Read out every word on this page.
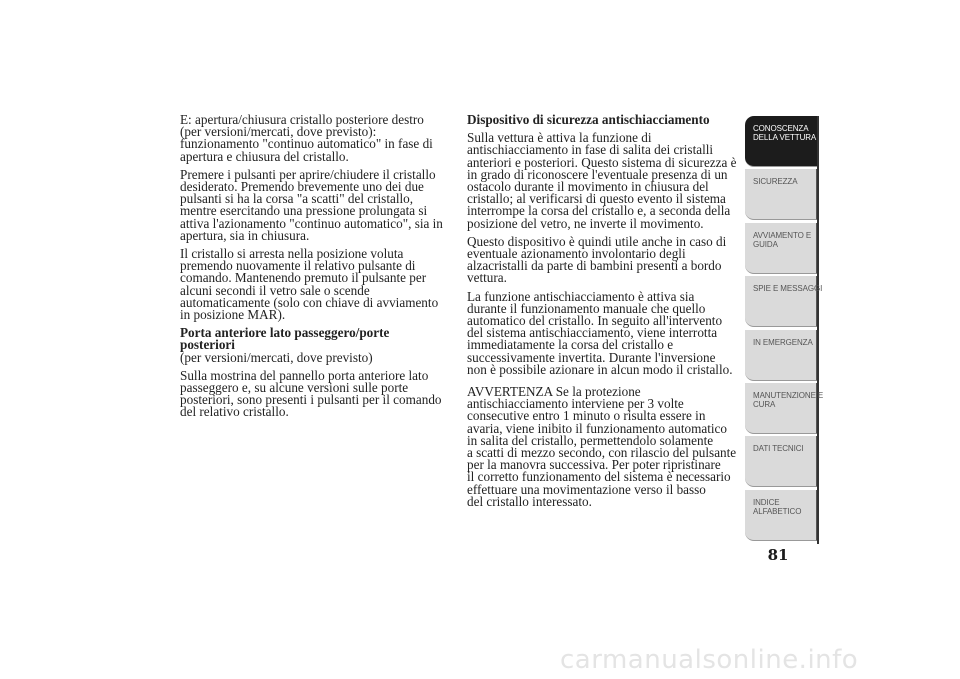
E: apertura/chiusura cristallo posteriore destro
(per versioni/mercati, dove previsto):
funzionamento "continuo automatico" in fase di
apertura e chiusura del cristallo.
Premere i pulsanti per aprire/chiudere il cristallo
desiderato. Premendo brevemente uno dei due
pulsanti si ha la corsa "a scatti" del cristallo,
mentre esercitando una pressione prolungata si
attiva l'azionamento "continuo automatico", sia in
apertura, sia in chiusura.
Il cristallo si arresta nella posizione voluta
premendo nuovamente il relativo pulsante di
comando. Mantenendo premuto il pulsante per
alcuni secondi il vetro sale o scende
automaticamente (solo con chiave di avviamento
in posizione MAR).
Porta anteriore lato passeggero/porte
posteriori
(per versioni/mercati, dove previsto)
Sulla mostrina del pannello porta anteriore lato
passeggero e, su alcune versioni sulle porte
posteriori, sono presenti i pulsanti per il comando
del relativo cristallo.
Dispositivo di sicurezza antischiacciamento
Sulla vettura è attiva la funzione di
antischiacciamento in fase di salita dei cristalli
anteriori e posteriori. Questo sistema di sicurezza è
in grado di riconoscere l'eventuale presenza di un
ostacolo durante il movimento in chiusura del
cristallo; al verificarsi di questo evento il sistema
interrompe la corsa del cristallo e, a seconda della
posizione del vetro, ne inverte il movimento.
Questo dispositivo è quindi utile anche in caso di
eventuale azionamento involontario degli
alzacristalli da parte di bambini presenti a bordo
vettura.
La funzione antischiacciamento è attiva sia
durante il funzionamento manuale che quello
automatico del cristallo. In seguito all'intervento
del sistema antischiacciamento, viene interrotta
immediatamente la corsa del cristallo e
successivamente invertita. Durante l'inversione
non è possibile azionare in alcun modo il cristallo.
AVVERTENZA Se la protezione
antischiacciamento interviene per 3 volte
consecutive entro 1 minuto o risulta essere in
avaria, viene inibito il funzionamento automatico
in salita del cristallo, permettendolo solamente
a scatti di mezzo secondo, con rilascio del pulsante
per la manovra successiva. Per poter ripristinare
il corretto funzionamento del sistema è necessario
effettuare una movimentazione verso il basso
del cristallo interessato.
CONOSCENZA
DELLA VETTURA
SICUREZZA
AVVIAMENTO E
GUIDA
SPIE E MESSAGGI
IN EMERGENZA
MANUTENZIONE E
CURA
DATI TECNICI
INDICE
ALFABETICO
81
carmanualsonline.info
